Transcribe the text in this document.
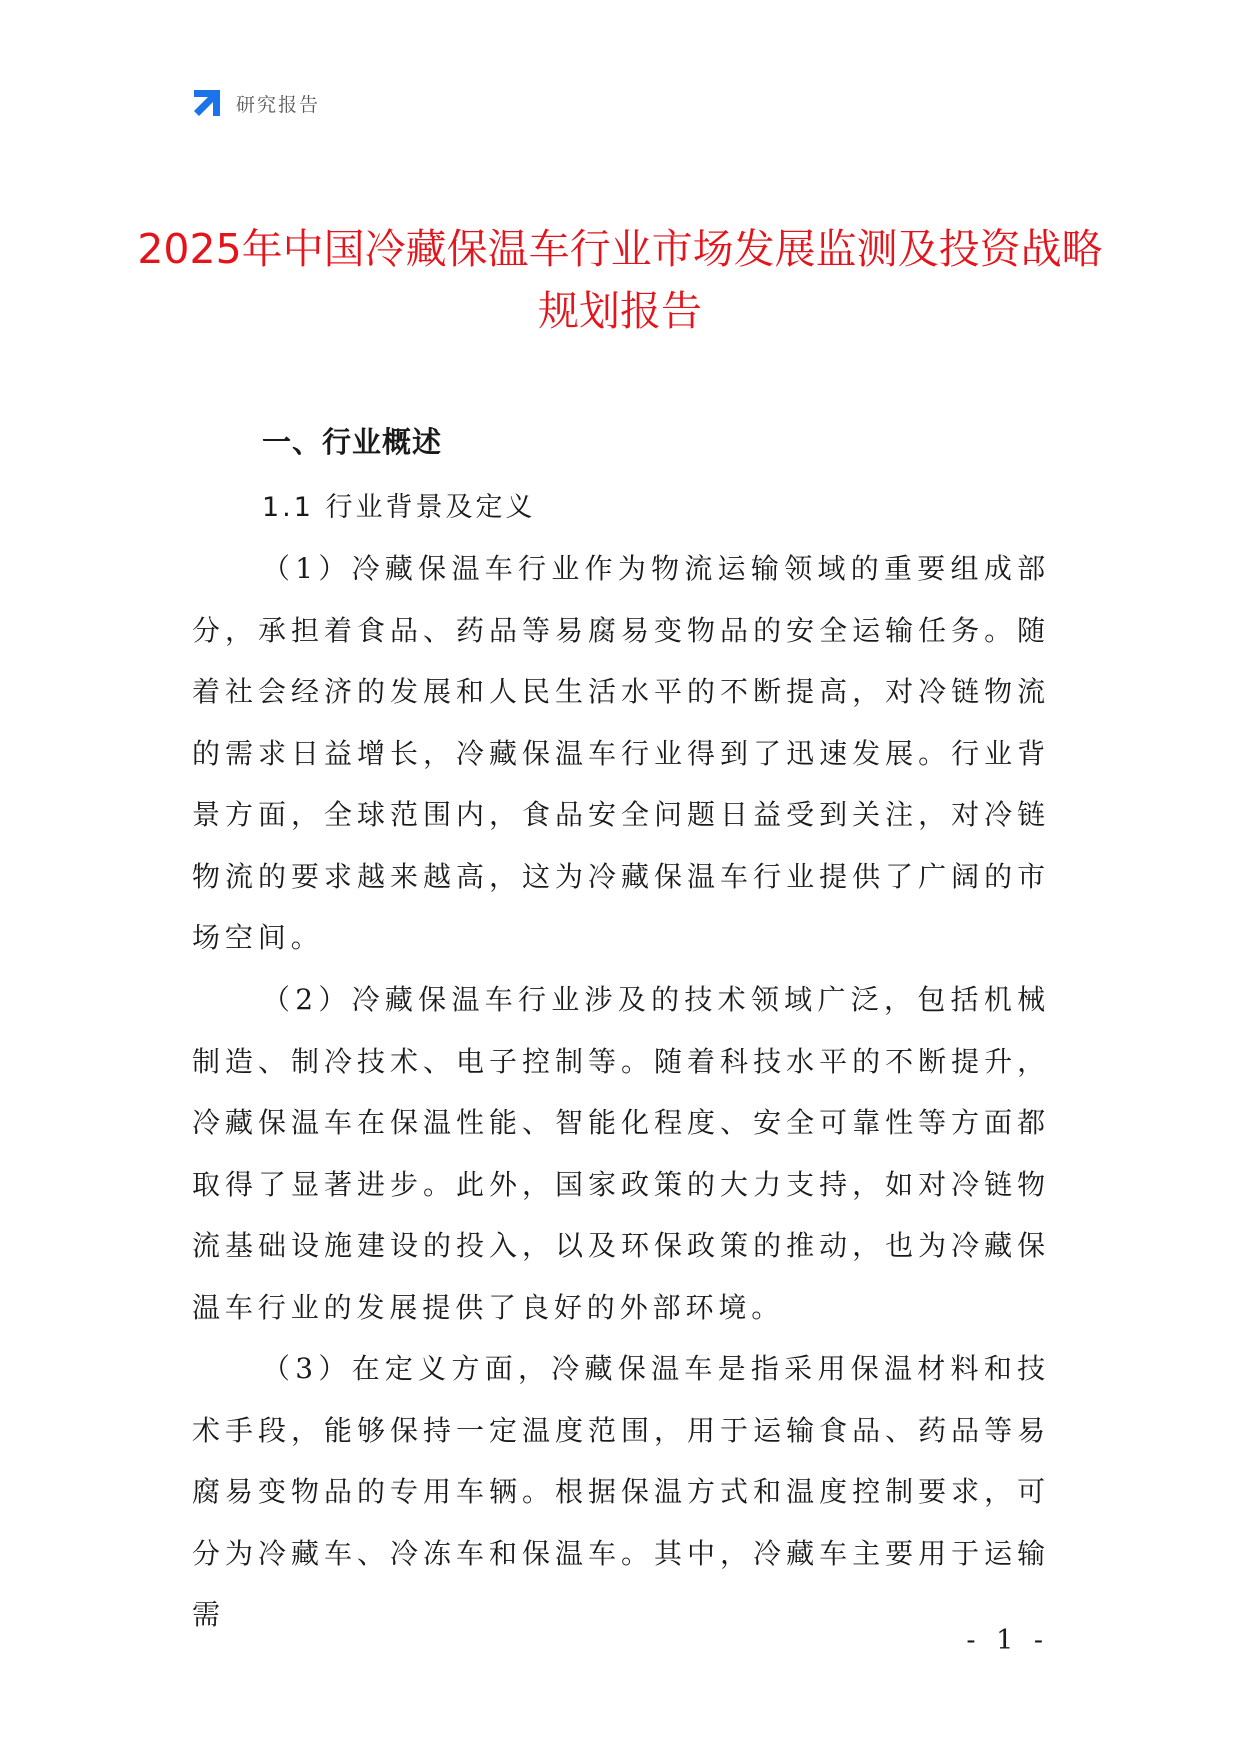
研究报告
2025年中国冷藏保温车行业市场发展监测及投资战略规划报告
一、行业概述
1.1 行业背景及定义

（1）冷藏保温车行业作为物流运输领域的重要组成部分，承担着食品、药品等易腐易变物品的安全运输任务。随着社会经济的发展和人民生活水平的不断提高，对冷链物流的需求日益增长，冷藏保温车行业得到了迅速发展。行业背景方面，全球范围内，食品安全问题日益受到关注，对冷链物流的要求越来越高，这为冷藏保温车行业提供了广阔的市场空间。

（2）冷藏保温车行业涉及的技术领域广泛，包括机械制造、制冷技术、电子控制等。随着科技水平的不断提升，冷藏保温车在保温性能、智能化程度、安全可靠性等方面都取得了显著进步。此外，国家政策的大力支持，如对冷链物流基础设施建设的投入，以及环保政策的推动，也为冷藏保温车行业的发展提供了良好的外部环境。

（3）在定义方面，冷藏保温车是指采用保温材料和技术手段，能够保持一定温度范围，用于运输食品、药品等易腐易变物品的专用车辆。根据保温方式和温度控制要求，可分为冷藏车、冷冻车和保温车。其中，冷藏车主要用于运输需

- 1 -
